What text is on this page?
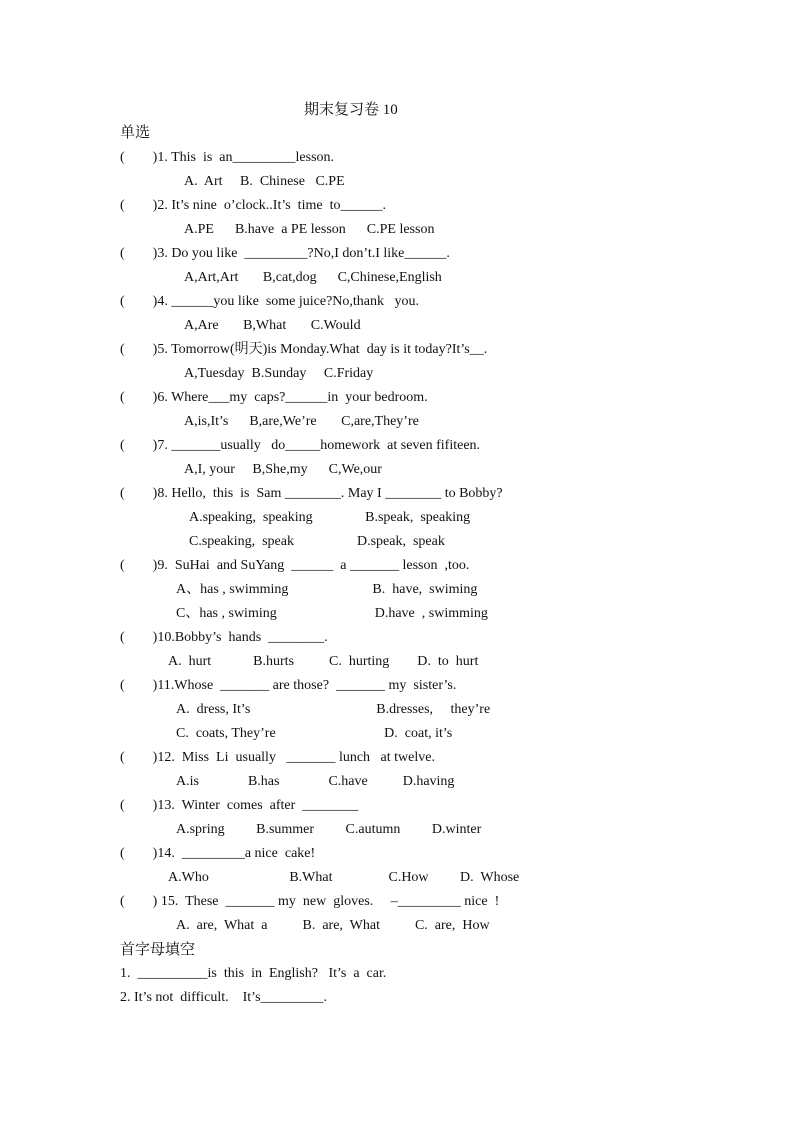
期末复习卷 10
单选
(        )1. This  is  an_________lesson.
A.  Art     B.  Chinese   C.PE
(        )2. It’s nine  o’clock..It’s  time  to______.
A.PE      B.have  a PE lesson      C.PE lesson
(        )3. Do you like  _________?No,I don’t.I like______.
A,Art,Art       B,cat,dog      C,Chinese,English
(        )4. ______you like  some juice?No,thank   you.
A,Are       B,What       C.Would
(        )5. Tomorrow(明天)is Monday.What  day is it today?It’s__.
A,Tuesday  B.Sunday     C.Friday
(        )6. Where___my  caps?______in  your bedroom.
A,is,It’s      B,are,We’re       C,are,They’re
(        )7. _______usually   do_____homework  at seven fifiteen.
A,I, your     B,She,my      C,We,our
(        )8. Hello,  this  is  Sam ________. May I ________ to Bobby?
A.speaking,  speaking               B.speak,  speaking
C.speaking,  speak                  D.speak,  speak
(        )9.  SuHai  and SuYang  ______  a _______ lesson  ,too.
A、has , swimming                        B.  have,  swiming
C、has , swiming                            D.have  , swimming
(        )10.Bobby’s  hands  ________.
A.  hurt            B.hurts          C.  hurting        D.  to  hurt
(        )11.Whose  _______ are those?  _______ my  sister’s.
A.  dress, It’s                                    B.dresses,     they’re
C.  coats, They’re                               D.  coat, it’s
(        )12.  Miss  Li  usually   _______ lunch   at twelve.
A.is              B.has              C.have          D.having
(        )13.  Winter  comes  after  ________
A.spring         B.summer         C.autumn         D.winter
(        )14.  _________a nice  cake!
A.Who                       B.What                C.How         D.  Whose
(        ) 15.  These  _______ my  new  gloves.     –_________ nice  !
A.  are,  What  a          B.  are,  What          C.  are,  How
首字母填空
1.  __________is  this  in  English?   It’s  a  car.
2. It’s not  difficult.    It’s_________.
